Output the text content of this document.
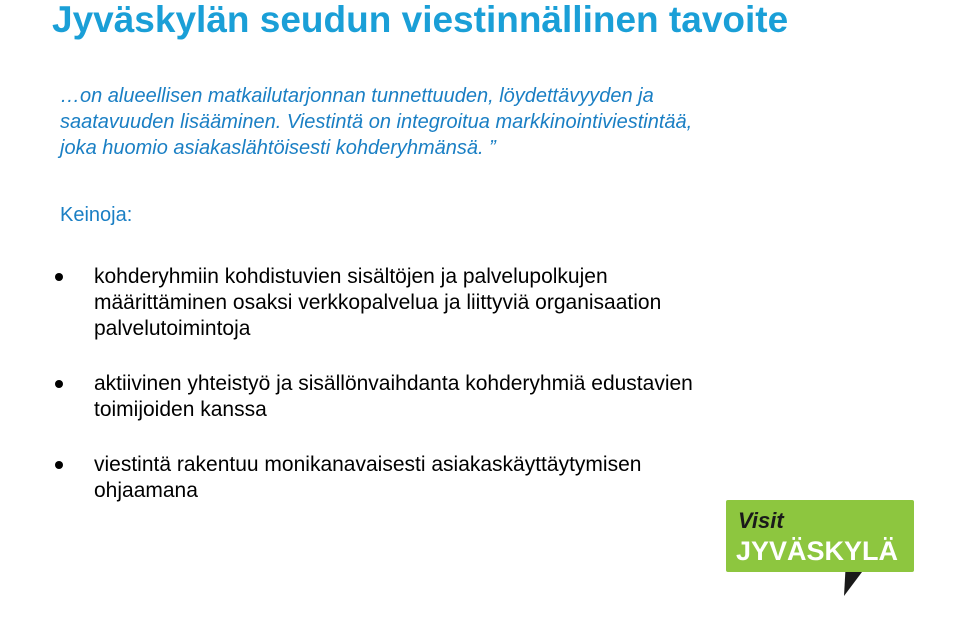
Jyväskylän seudun viestinnällinen tavoite

…on alueellisen matkailutarjonnan tunnettuuden, löydettävyyden ja
saatavuuden lisääminen. Viestintä on integroitua markkinointiviestintää,
joka huomio asiakaslähtöisesti kohderyhmänsä. ”

Keinoja:

kohderyhmiin kohdistuvien sisältöjen ja palvelupolkujen
määrittäminen osaksi verkkopalvelua ja liittyviä organisaation
palvelutoimintoja
aktiivinen yhteistyö ja sisällönvaihdanta kohderyhmiä edustavien
toimijoiden kanssa
viestintä rakentuu monikanavaisesti asiakaskäyttäytymisen
ohjaamana
Visit
JYVÄSKYLÄ
